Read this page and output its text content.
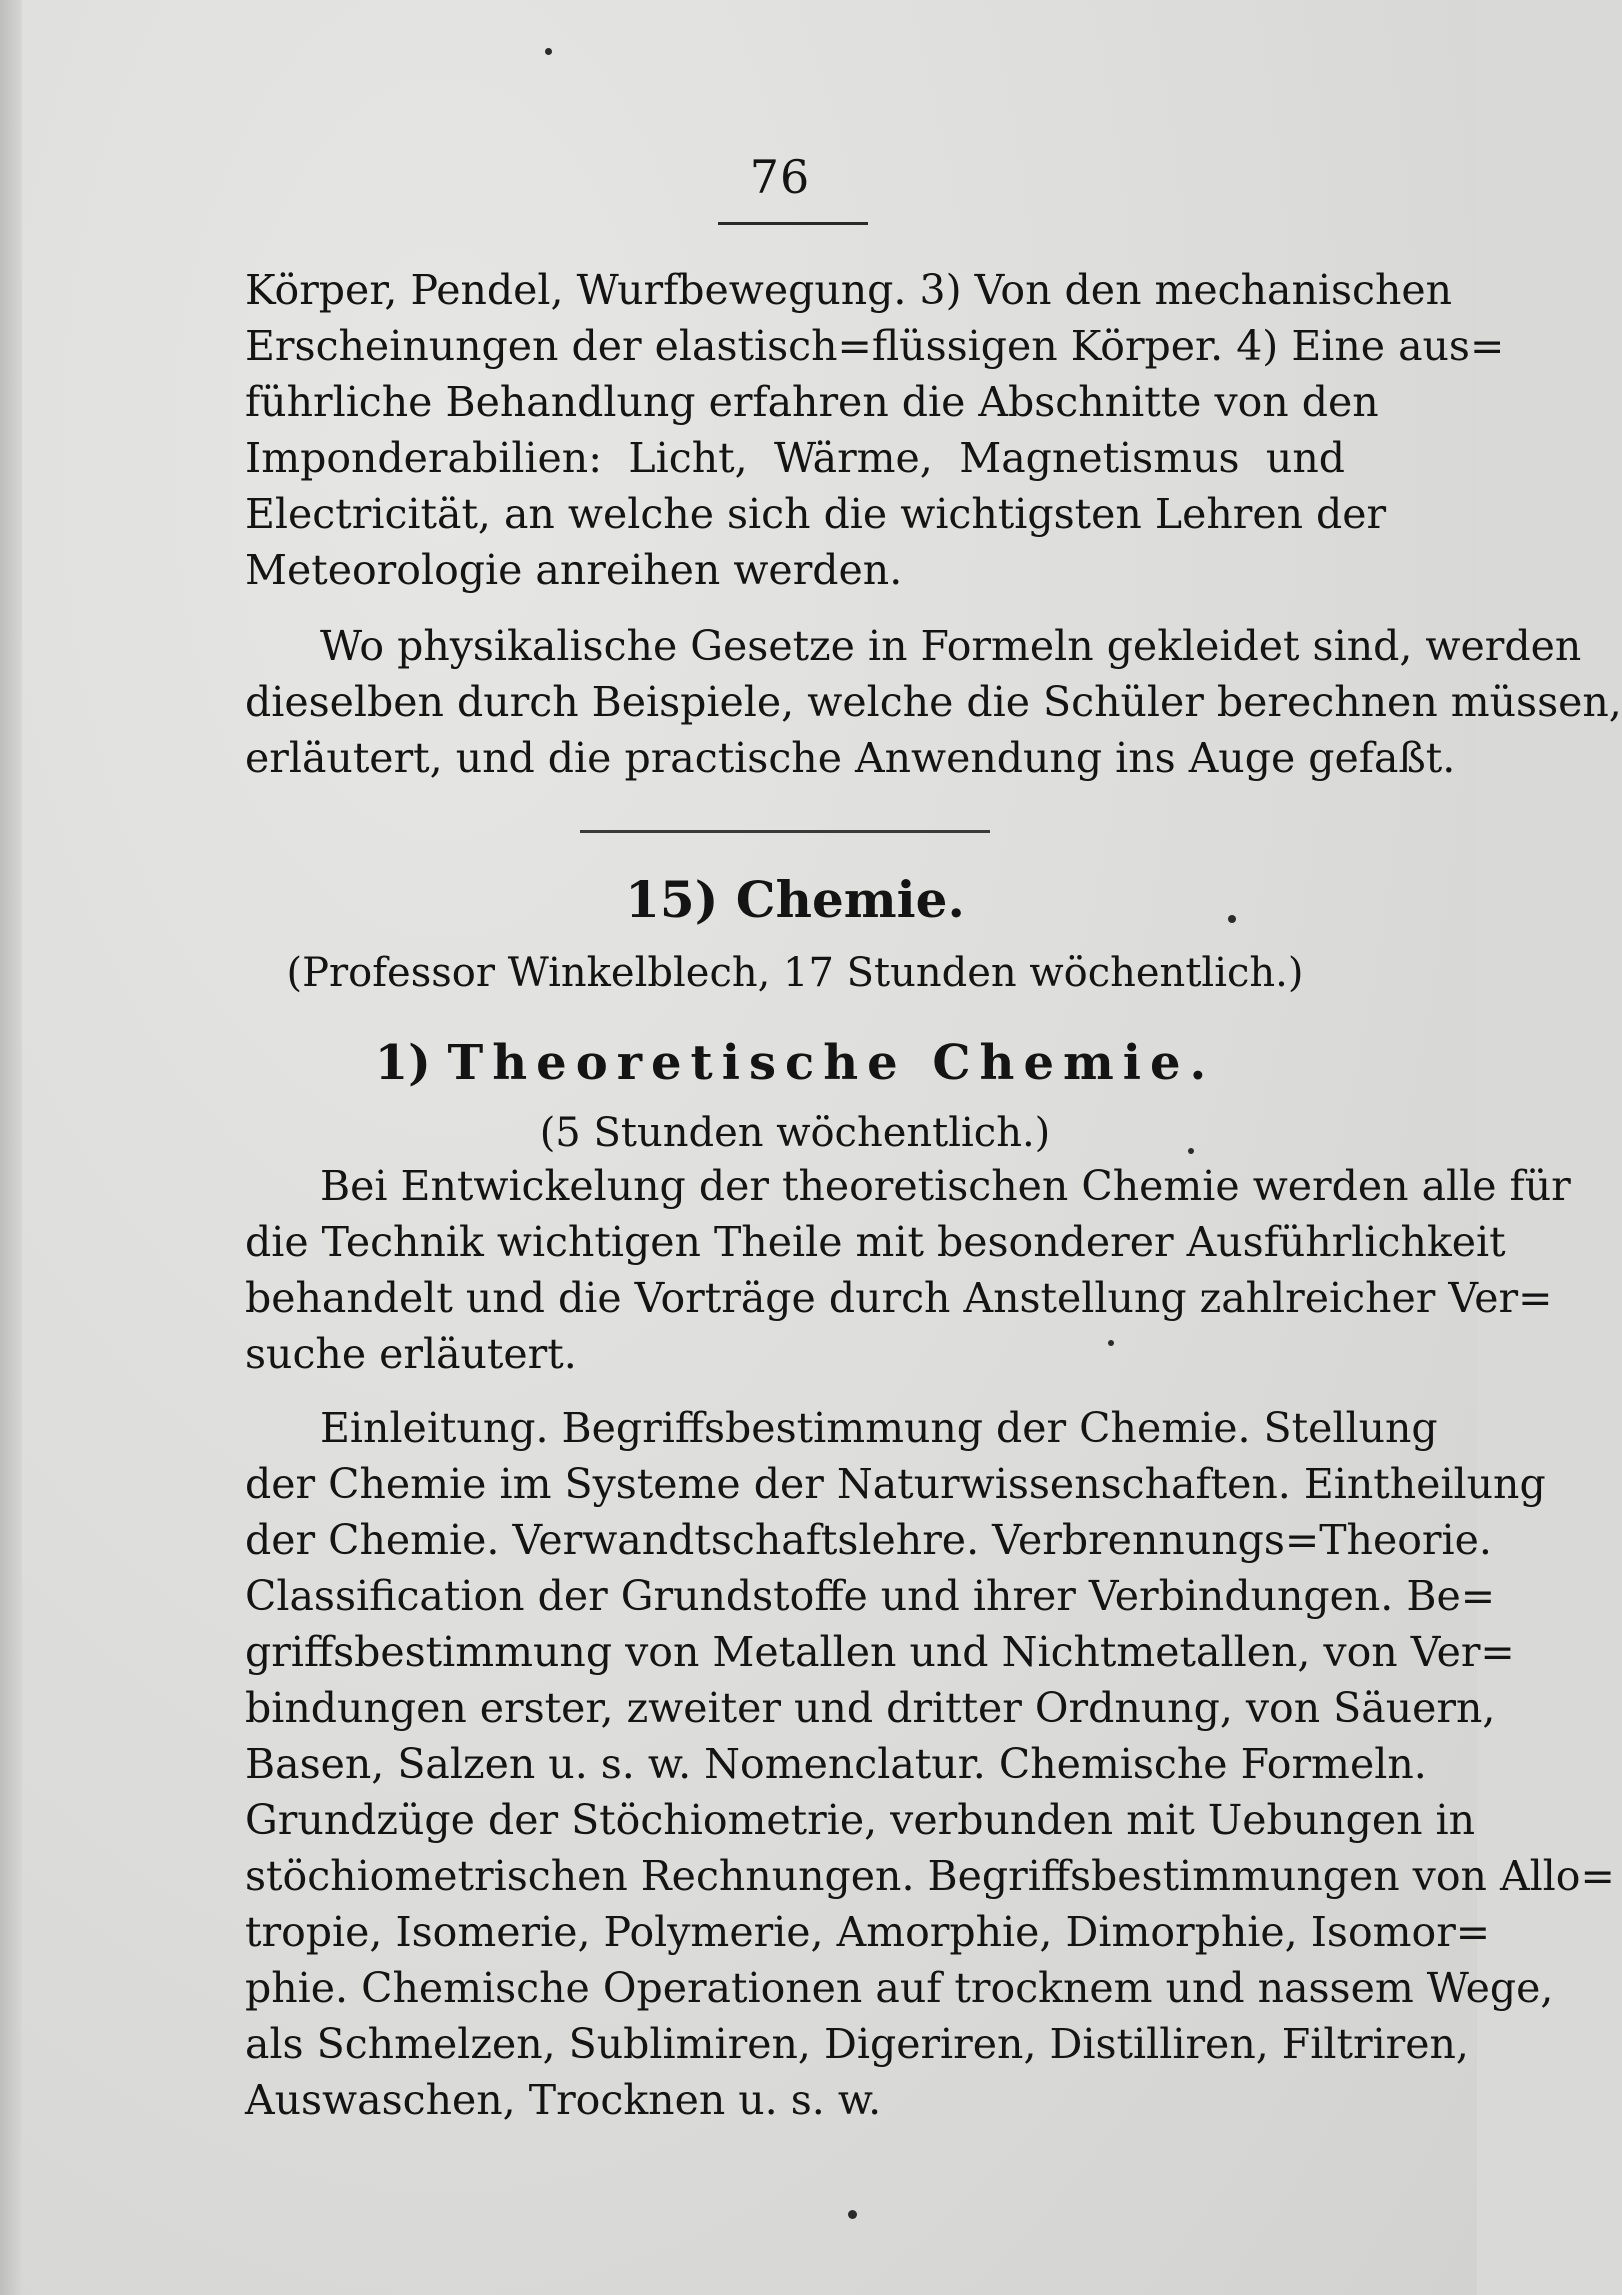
76
Körper, Pendel, Wurfbewegung. 3) Von den mechanischen
Erscheinungen der elastisch=flüssigen Körper. 4) Eine aus=
führliche Behandlung erfahren die Abschnitte von den
Imponderabilien: Licht, Wärme, Magnetismus und
Electricität, an welche sich die wichtigsten Lehren der
Meteorologie anreihen werden.
Wo physikalische Gesetze in Formeln gekleidet sind, werden
dieselben durch Beispiele, welche die Schüler berechnen müssen,
erläutert, und die practische Anwendung ins Auge gefaßt.
15) Chemie.
(Professor Winkelblech, 17 Stunden wöchentlich.)
1) Theoretische Chemie.
(5 Stunden wöchentlich.)
Bei Entwickelung der theoretischen Chemie werden alle für
die Technik wichtigen Theile mit besonderer Ausführlichkeit
behandelt und die Vorträge durch Anstellung zahlreicher Ver=
suche erläutert.
Einleitung. Begriffsbestimmung der Chemie. Stellung
der Chemie im Systeme der Naturwissenschaften. Eintheilung
der Chemie. Verwandtschaftslehre. Verbrennungs=Theorie.
Classification der Grundstoffe und ihrer Verbindungen. Be=
griffsbestimmung von Metallen und Nichtmetallen, von Ver=
bindungen erster, zweiter und dritter Ordnung, von Säuern,
Basen, Salzen u. s. w. Nomenclatur. Chemische Formeln.
Grundzüge der Stöchiometrie, verbunden mit Uebungen in
stöchiometrischen Rechnungen. Begriffsbestimmungen von Allo=
tropie, Isomerie, Polymerie, Amorphie, Dimorphie, Isomor=
phie. Chemische Operationen auf trocknem und nassem Wege,
als Schmelzen, Sublimiren, Digeriren, Distilliren, Filtriren,
Auswaschen, Trocknen u. s. w.
